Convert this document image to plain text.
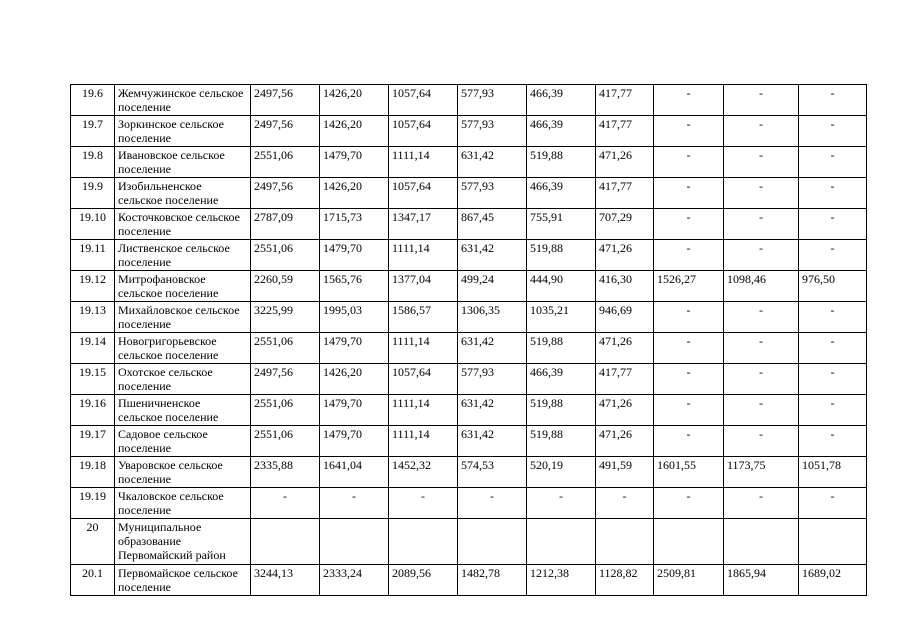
19.6	Жемчужинское сельское поселение	2497,56	1426,20	1057,64	577,93	466,39	417,77	-	-	-
19.7	Зоркинское сельское поселение	2497,56	1426,20	1057,64	577,93	466,39	417,77	-	-	-
19.8	Ивановское сельское поселение	2551,06	1479,70	1111,14	631,42	519,88	471,26	-	-	-
19.9	Изобильненское сельское поселение	2497,56	1426,20	1057,64	577,93	466,39	417,77	-	-	-
19.10	Косточковское сельское поселение	2787,09	1715,73	1347,17	867,45	755,91	707,29	-	-	-
19.11	Лиственское сельское поселение	2551,06	1479,70	1111,14	631,42	519,88	471,26	-	-	-
19.12	Митрофановское сельское поселение	2260,59	1565,76	1377,04	499,24	444,90	416,30	1526,27	1098,46	976,50
19.13	Михайловское сельское поселение	3225,99	1995,03	1586,57	1306,35	1035,21	946,69	-	-	-
19.14	Новогригорьевское сельское поселение	2551,06	1479,70	1111,14	631,42	519,88	471,26	-	-	-
19.15	Охотское сельское поселение	2497,56	1426,20	1057,64	577,93	466,39	417,77	-	-	-
19.16	Пшеничненское сельское поселение	2551,06	1479,70	1111,14	631,42	519,88	471,26	-	-	-
19.17	Садовое сельское поселение	2551,06	1479,70	1111,14	631,42	519,88	471,26	-	-	-
19.18	Уваровское сельское поселение	2335,88	1641,04	1452,32	574,53	520,19	491,59	1601,55	1173,75	1051,78
19.19	Чкаловское сельское поселение	-	-	-	-	-	-	-	-	-
20	Муниципальное образование Первомайский район									
20.1	Первомайское сельское поселение	3244,13	2333,24	2089,56	1482,78	1212,38	1128,82	2509,81	1865,94	1689,02
